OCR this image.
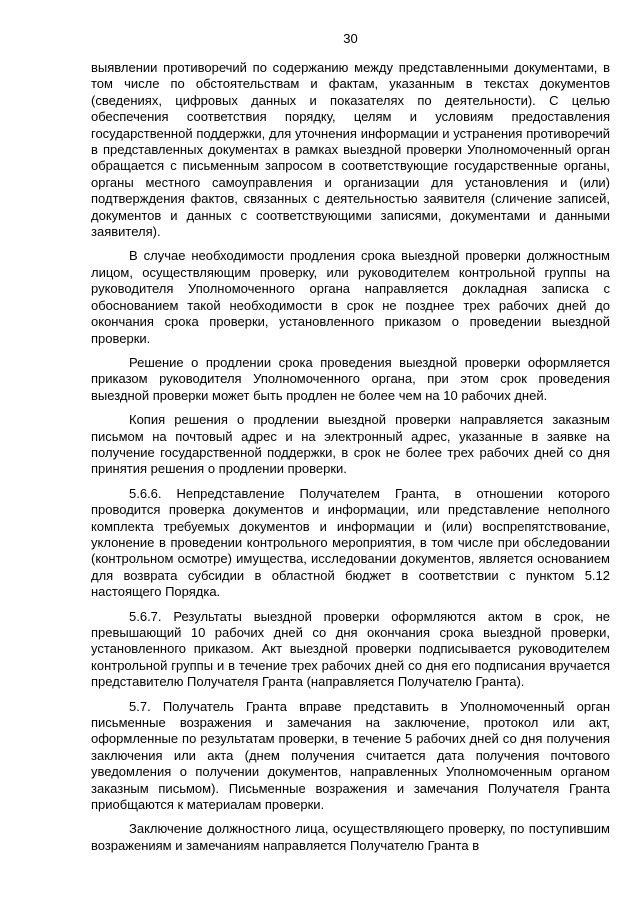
30

выявлении противоречий по содержанию между представленными документами, в том числе по обстоятельствам и фактам, указанным в текстах документов (сведениях, цифровых данных и показателях по деятельности). С целью обеспечения соответствия порядку, целям и условиям предоставления государственной поддержки, для уточнения информации и устранения противоречий в представленных документах в рамках выездной проверки Уполномоченный орган обращается с письменным запросом в соответствующие государственные органы, органы местного самоуправления и организации для установления и (или) подтверждения фактов, связанных с деятельностью заявителя (сличение записей, документов и данных с соответствующими записями, документами и данными заявителя).

В случае необходимости продления срока выездной проверки должностным лицом, осуществляющим проверку, или руководителем контрольной группы на руководителя Уполномоченного органа направляется докладная записка с обоснованием такой необходимости в срок не позднее трех рабочих дней до окончания срока проверки, установленного приказом о проведении выездной проверки.

Решение о продлении срока проведения выездной проверки оформляется приказом руководителя Уполномоченного органа, при этом срок проведения выездной проверки может быть продлен не более чем на 10 рабочих дней.

Копия решения о продлении выездной проверки направляется заказным письмом на почтовый адрес и на электронный адрес, указанные в заявке на получение государственной поддержки, в срок не более трех рабочих дней со дня принятия решения о продлении проверки.

5.6.6. Непредставление Получателем Гранта, в отношении которого проводится проверка документов и информации, или представление неполного комплекта требуемых документов и информации и (или) воспрепятствование, уклонение в проведении контрольного мероприятия, в том числе при обследовании (контрольном осмотре) имущества, исследовании документов, является основанием для возврата субсидии в областной бюджет в соответствии с пунктом 5.12 настоящего Порядка.

5.6.7. Результаты выездной проверки оформляются актом в срок, не превышающий 10 рабочих дней со дня окончания срока выездной проверки, установленного приказом. Акт выездной проверки подписывается руководителем контрольной группы и в течение трех рабочих дней со дня его подписания вручается представителю Получателя Гранта (направляется Получателю Гранта).

5.7. Получатель Гранта вправе представить в Уполномоченный орган письменные возражения и замечания на заключение, протокол или акт, оформленные по результатам проверки, в течение 5 рабочих дней со дня получения заключения или акта (днем получения считается дата получения почтового уведомления о получении документов, направленных Уполномоченным органом заказным письмом). Письменные возражения и замечания Получателя Гранта приобщаются к материалам проверки.

Заключение должностного лица, осуществляющего проверку, по поступившим возражениям и замечаниям направляется Получателю Гранта в
